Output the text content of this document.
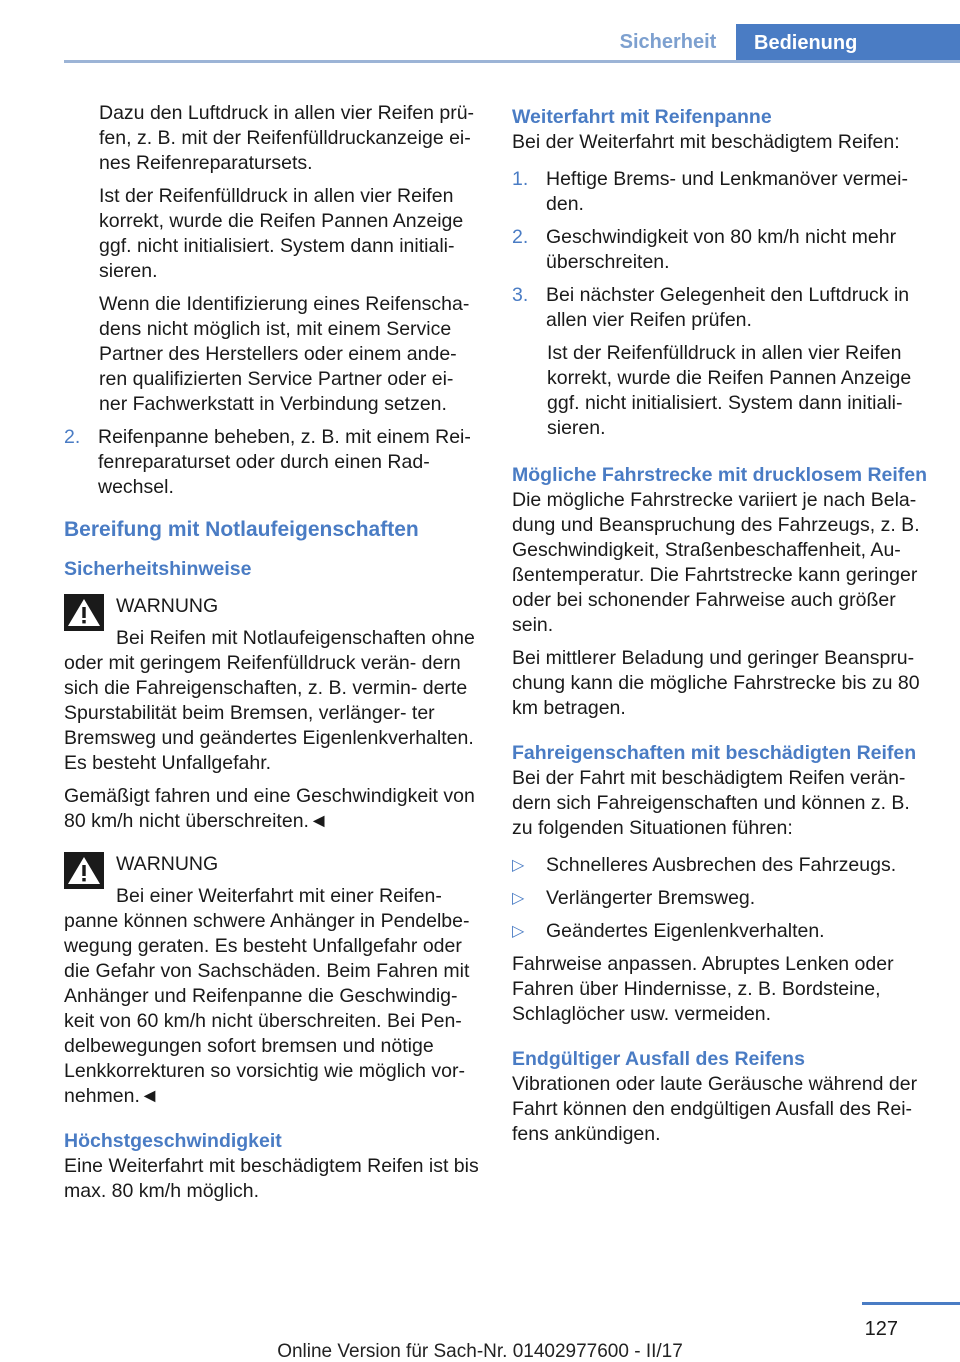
Sicherheit	Bedienung

Dazu den Luftdruck in allen vier Reifen prü- fen, z. B. mit der Reifenfülldruckanzeige ei- nes Reifenreparatursets.

Ist der Reifenfülldruck in allen vier Reifen korrekt, wurde die Reifen Pannen Anzeige ggf. nicht initialisiert. System dann initiali- sieren.

Wenn die Identifizierung eines Reifenscha- dens nicht möglich ist, mit einem Service Partner des Herstellers oder einem ande- ren qualifizierten Service Partner oder ei- ner Fachwerkstatt in Verbindung setzen.

2. Reifenpanne beheben, z. B. mit einem Rei- fenreparaturset oder durch einen Rad- wechsel.
Bereifung mit Notlaufeigenschaften
Sicherheitshinweise
WARNUNG

Bei Reifen mit Notlaufeigenschaften ohne oder mit geringem Reifenfülldruck verän- dern sich die Fahreigenschaften, z. B. vermin- derte Spurstabilität beim Bremsen, verlänger- ter Bremsweg und geändertes Eigenlenkverhalten. Es besteht Unfallgefahr.

Gemäßigt fahren und eine Geschwindigkeit von 80 km/h nicht überschreiten.◄

WARNUNG

Bei einer Weiterfahrt mit einer Reifen- panne können schwere Anhänger in Pendelbe- wegung geraten. Es besteht Unfallgefahr oder die Gefahr von Sachschäden. Beim Fahren mit Anhänger und Reifenpanne die Geschwindig- keit von 60 km/h nicht überschreiten. Bei Pen- delbewegungen sofort bremsen und nötige Lenkkorrekturen so vorsichtig wie möglich vor- nehmen.◄

Höchstgeschwindigkeit

Eine Weiterfahrt mit beschädigtem Reifen ist bis max. 80 km/h möglich.

Weiterfahrt mit Reifenpanne

Bei der Weiterfahrt mit beschädigtem Reifen:

1. Heftige Brems- und Lenkmanöver vermei- den.
2. Geschwindigkeit von 80 km/h nicht mehr überschreiten.
3. Bei nächster Gelegenheit den Luftdruck in allen vier Reifen prüfen.

Ist der Reifenfülldruck in allen vier Reifen korrekt, wurde die Reifen Pannen Anzeige ggf. nicht initialisiert. System dann initiali- sieren.

Mögliche Fahrstrecke mit drucklosem Reifen

Die mögliche Fahrstrecke variiert je nach Bela- dung und Beanspruchung des Fahrzeugs, z. B. Geschwindigkeit, Straßenbeschaffenheit, Au- ßentemperatur. Die Fahrtstrecke kann geringer oder bei schonender Fahrweise auch größer sein.

Bei mittlerer Beladung und geringer Beanspru- chung kann die mögliche Fahrstrecke bis zu 80 km betragen.

Fahreigenschaften mit beschädigten Reifen

Bei der Fahrt mit beschädigtem Reifen verän- dern sich Fahreigenschaften und können z. B. zu folgenden Situationen führen:

▷ Schnelleres Ausbrechen des Fahrzeugs.
▷ Verlängerter Bremsweg.
▷ Geändertes Eigenlenkverhalten.

Fahrweise anpassen. Abruptes Lenken oder Fahren über Hindernisse, z. B. Bordsteine, Schlaglöcher usw. vermeiden.

Endgültiger Ausfall des Reifens

Vibrationen oder laute Geräusche während der Fahrt können den endgültigen Ausfall des Rei- fens ankündigen.

127
Online Version für Sach-Nr. 01402977600 - II/17
